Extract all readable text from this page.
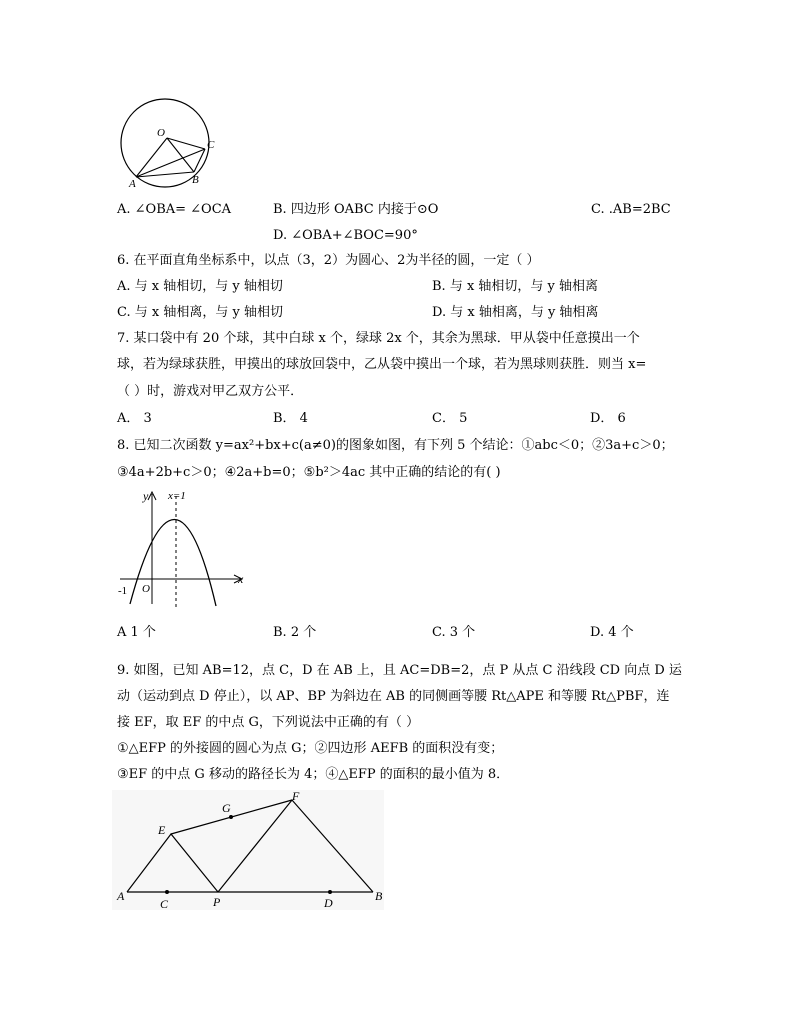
O
C
A	B
A. ∠OBA= ∠OCA	B. 四边形 OABC 内接于⊙O	C. .AB=2BC
D. ∠OBA+∠BOC=90°
6. 在平面直角坐标系中，以点（3，2）为圆心、2为半径的圆，一定（ ）
A. 与 x 轴相切，与 y 轴相切	B. 与 x 轴相切，与 y 轴相离
C. 与 x 轴相离，与 y 轴相切	D. 与 x 轴相离，与 y 轴相离
7. 某口袋中有 20 个球，其中白球 x 个，绿球 2x 个，其余为黑球．甲从袋中任意摸出一个
球，若为绿球获胜，甲摸出的球放回袋中，乙从袋中摸出一个球，若为黑球则获胜．则当 x=
（ ）时，游戏对甲乙双方公平．
A． 3	B． 4	C． 5	D． 6
8. 已知二次函数 y=ax²+bx+c(a≠0)的图象如图，有下列 5 个结论：①abc＜0；②3a+c＞0；
③4a+2b+c＞0；④2a+b=0；⑤b²＞4ac 其中正确的结论的有( )
y x=1
x
-1 O
A 1 个	B. 2 个	C. 3 个	D. 4 个
9. 如图，已知 AB=12，点 C，D 在 AB 上，且 AC=DB=2，点 P 从点 C 沿线段 CD 向点 D 运
动（运动到点 D 停止），以 AP、BP 为斜边在 AB 的同侧画等腰 Rt△APE 和等腰 Rt△PBF，连
接 EF，取 EF 的中点 G，下列说法中正确的有（ ）
①△EFP 的外接圆的圆心为点 G；②四边形 AEFB 的面积没有变；
③EF 的中点 G 移动的路径长为 4；④△EFP 的面积的最小值为 8．
A
C	P	D	B
E
G
F
